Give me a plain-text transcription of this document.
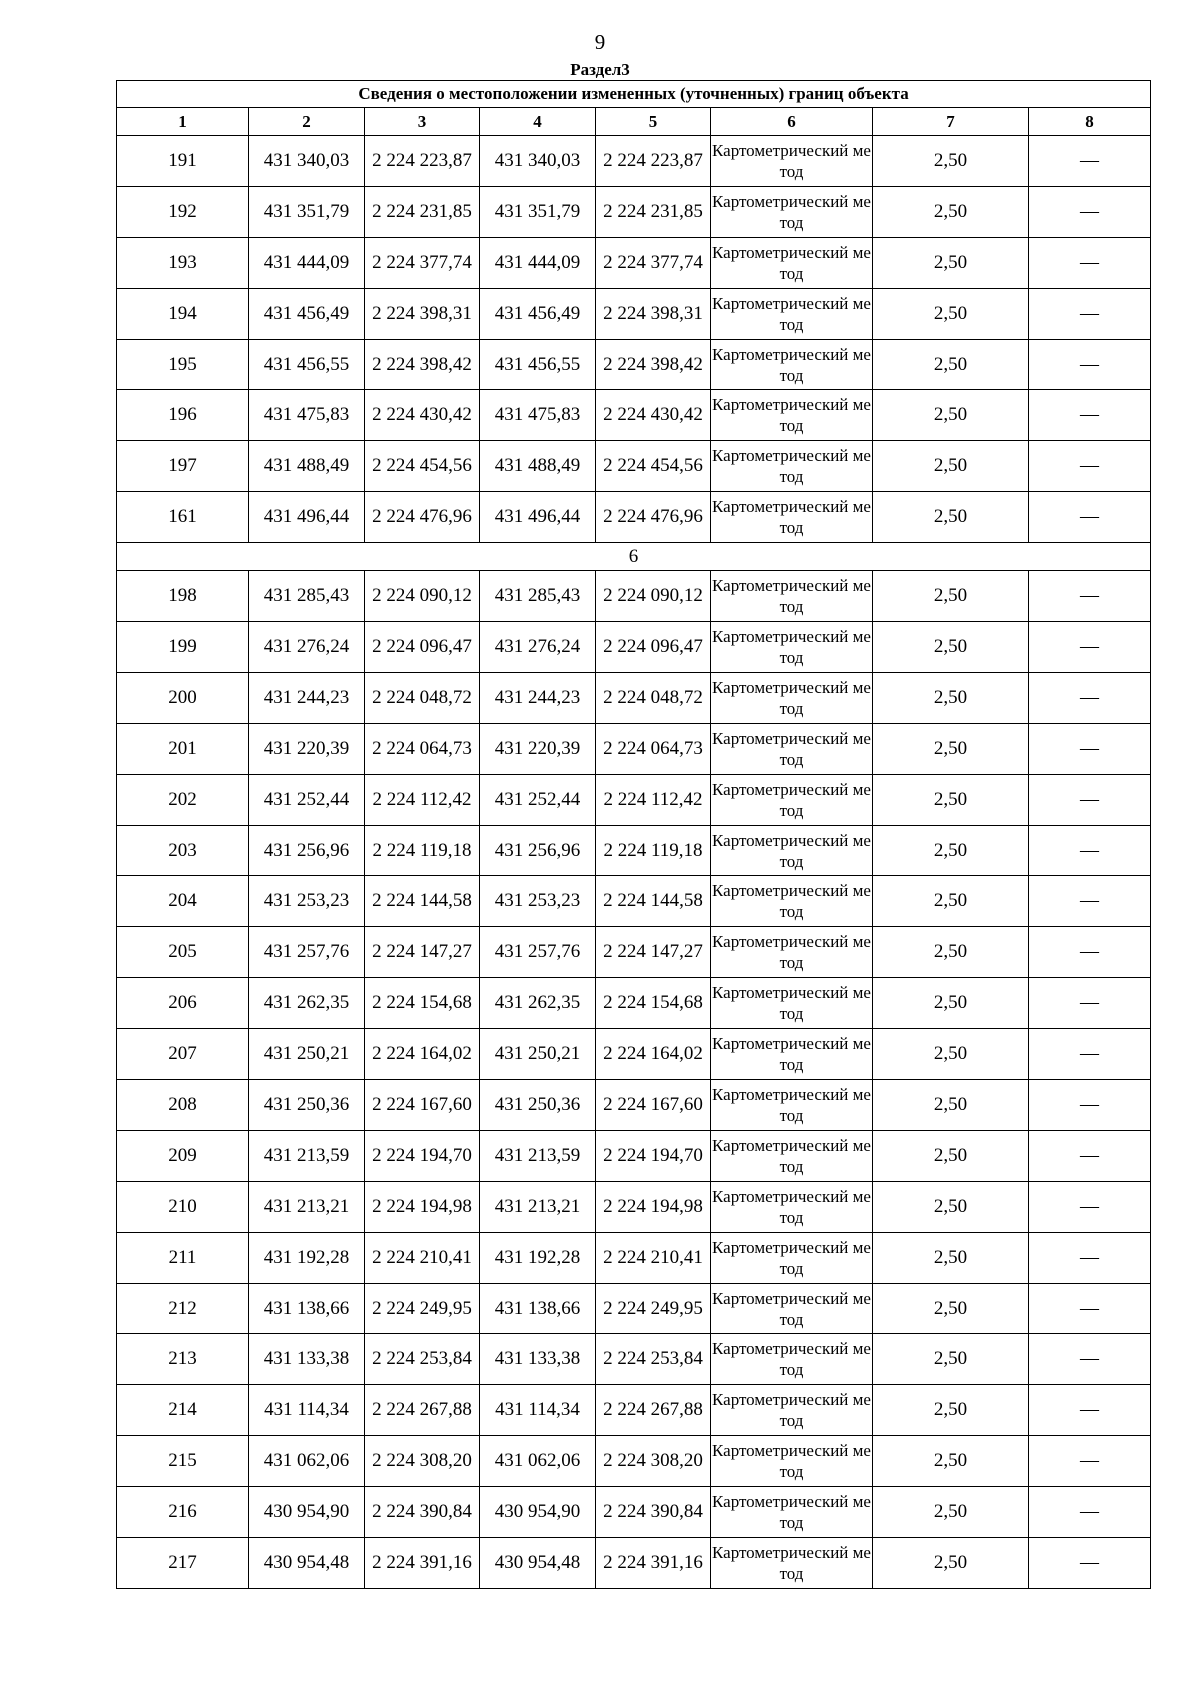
9
Раздел3
Сведения о местоположении измененных (уточненных) границ объекта							
1	2	3	4	5	6	7	8
191	431 340,03	2 224 223,87	431 340,03	2 224 223,87	Картометрический метод	2,50	—
192	431 351,79	2 224 231,85	431 351,79	2 224 231,85	Картометрический метод	2,50	—
193	431 444,09	2 224 377,74	431 444,09	2 224 377,74	Картометрический метод	2,50	—
194	431 456,49	2 224 398,31	431 456,49	2 224 398,31	Картометрический метод	2,50	—
195	431 456,55	2 224 398,42	431 456,55	2 224 398,42	Картометрический метод	2,50	—
196	431 475,83	2 224 430,42	431 475,83	2 224 430,42	Картометрический метод	2,50	—
197	431 488,49	2 224 454,56	431 488,49	2 224 454,56	Картометрический метод	2,50	—
161	431 496,44	2 224 476,96	431 496,44	2 224 476,96	Картометрический метод	2,50	—
6							
198	431 285,43	2 224 090,12	431 285,43	2 224 090,12	Картометрический метод	2,50	—
199	431 276,24	2 224 096,47	431 276,24	2 224 096,47	Картометрический метод	2,50	—
200	431 244,23	2 224 048,72	431 244,23	2 224 048,72	Картометрический метод	2,50	—
201	431 220,39	2 224 064,73	431 220,39	2 224 064,73	Картометрический метод	2,50	—
202	431 252,44	2 224 112,42	431 252,44	2 224 112,42	Картометрический метод	2,50	—
203	431 256,96	2 224 119,18	431 256,96	2 224 119,18	Картометрический метод	2,50	—
204	431 253,23	2 224 144,58	431 253,23	2 224 144,58	Картометрический метод	2,50	—
205	431 257,76	2 224 147,27	431 257,76	2 224 147,27	Картометрический метод	2,50	—
206	431 262,35	2 224 154,68	431 262,35	2 224 154,68	Картометрический метод	2,50	—
207	431 250,21	2 224 164,02	431 250,21	2 224 164,02	Картометрический метод	2,50	—
208	431 250,36	2 224 167,60	431 250,36	2 224 167,60	Картометрический метод	2,50	—
209	431 213,59	2 224 194,70	431 213,59	2 224 194,70	Картометрический метод	2,50	—
210	431 213,21	2 224 194,98	431 213,21	2 224 194,98	Картометрический метод	2,50	—
211	431 192,28	2 224 210,41	431 192,28	2 224 210,41	Картометрический метод	2,50	—
212	431 138,66	2 224 249,95	431 138,66	2 224 249,95	Картометрический метод	2,50	—
213	431 133,38	2 224 253,84	431 133,38	2 224 253,84	Картометрический метод	2,50	—
214	431 114,34	2 224 267,88	431 114,34	2 224 267,88	Картометрический метод	2,50	—
215	431 062,06	2 224 308,20	431 062,06	2 224 308,20	Картометрический метод	2,50	—
216	430 954,90	2 224 390,84	430 954,90	2 224 390,84	Картометрический метод	2,50	—
217	430 954,48	2 224 391,16	430 954,48	2 224 391,16	Картометрический метод	2,50	—
